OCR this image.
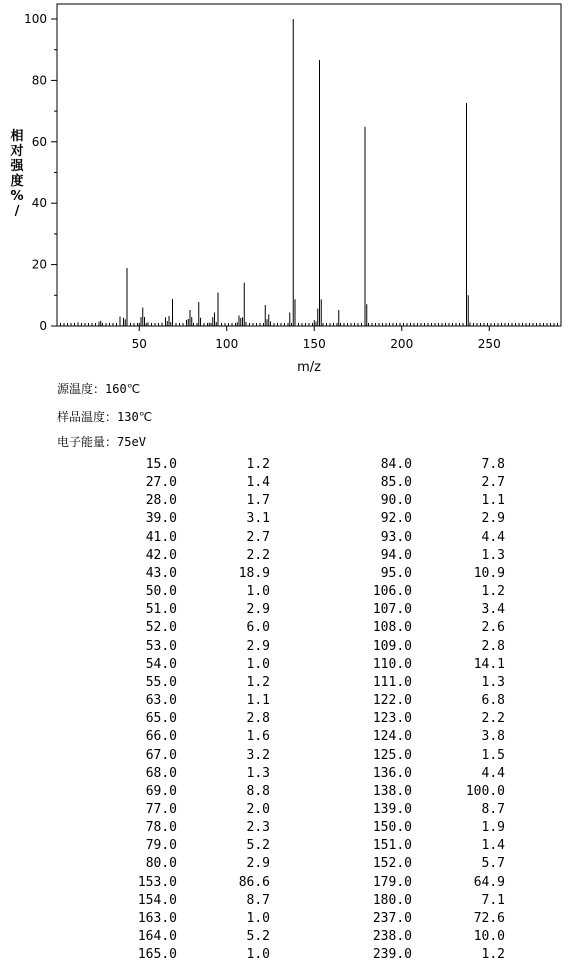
50	100	150	200	250
0
20
40
60
80
100
m/z
相对强度% /
源温度：160℃
样品温度：130℃
电子能量：75eV
15.0	1.2	84.0	7.8
27.0	1.4	85.0	2.7
28.0	1.7	90.0	1.1
39.0	3.1	92.0	2.9
41.0	2.7	93.0	4.4
42.0	2.2	94.0	1.3
43.0	18.9	95.0	10.9
50.0	1.0	106.0	1.2
51.0	2.9	107.0	3.4
52.0	6.0	108.0	2.6
53.0	2.9	109.0	2.8
54.0	1.0	110.0	14.1
55.0	1.2	111.0	1.3
63.0	1.1	122.0	6.8
65.0	2.8	123.0	2.2
66.0	1.6	124.0	3.8
67.0	3.2	125.0	1.5
68.0	1.3	136.0	4.4
69.0	8.8	138.0	100.0
77.0	2.0	139.0	8.7
78.0	2.3	150.0	1.9
79.0	5.2	151.0	1.4
80.0	2.9	152.0	5.7
153.0	86.6	179.0	64.9
154.0	8.7	180.0	7.1
163.0	1.0	237.0	72.6
164.0	5.2	238.0	10.0
165.0	1.0	239.0	1.2
